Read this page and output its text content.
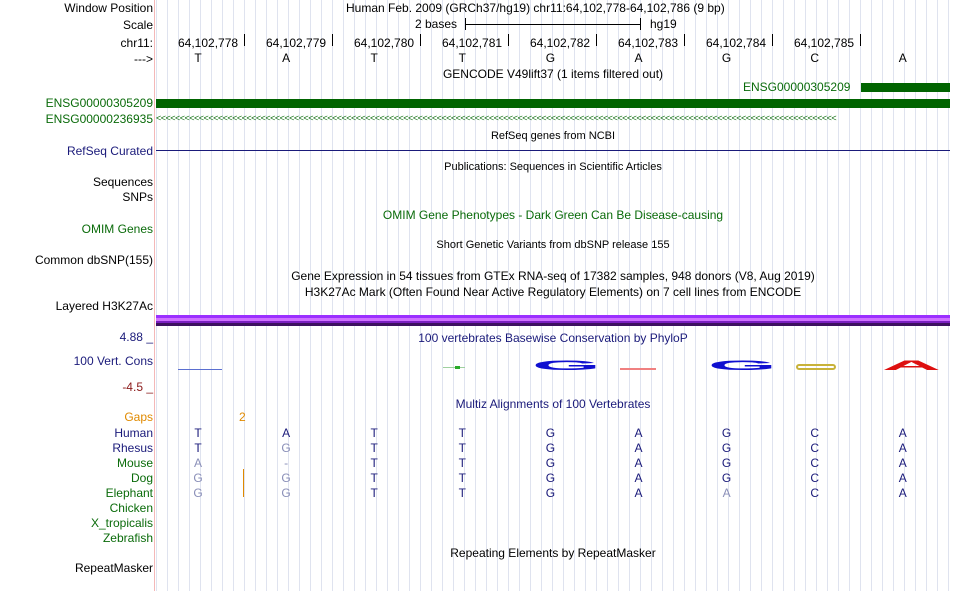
Window Position	Human Feb. 2009 (GRCh37/hg19) chr11:64,102,778-64,102,786 (9 bp)
Scale	2 bases	hg19
chr11: 64,102,778 64,102,779 64,102,780 64,102,781 64,102,782 64,102,783 64,102,784 64,102,785
--->	T	A	T	T	G	A	G	C	A
GENCODE V49lift37 (1 items filtered out)
ENSG00000305209
ENSG00000305209
ENSG00000236935 <<<<<<<<<<<<<<<<<<<<<<<<<<<<<<<<<<<<<<<<<<<<<<<<<<<<<<<<<<<<<<<<<<<<<<<<<<<<<<<<<<<<<<<<<<<<<<<<<<<<<<<<<<<<<<<<<<<<<<<<<<<<<<<<<<<<<<<<<<<<<<<
RefSeq genes from NCBI
RefSeq Curated
Publications: Sequences in Scientific Articles
Sequences
SNPs
OMIM Gene Phenotypes - Dark Green Can Be Disease-causing
OMIM Genes
Short Genetic Variants from dbSNP release 155
Common dbSNP(155)
Gene Expression in 54 tissues from GTEx RNA-seq of 17382 samples, 948 donors (V8, Aug 2019)
H3K27Ac Mark (Often Found Near Active Regulatory Elements) on 7 cell lines from ENCODE
Layered H3K27Ac
4.88 _	100 vertebrates Basewise Conservation by PhyloP
100 Vert. Cons
-4.5 _
G	G	A
Multiz Alignments of 100 Vertebrates
Gaps	2
Human	T	A	T	T	G	A	G	C	A
Rhesus	T	G	T	T	G	A	G	C	A
Mouse	A	-	T	T	G	A	G	C	A
Dog	G	G	T	T	G	A	G	C	A
Elephant	G	G	T	T	G	A	A	C	A
Chicken
X_tropicalis
Zebrafish
Repeating Elements by RepeatMasker
RepeatMasker
